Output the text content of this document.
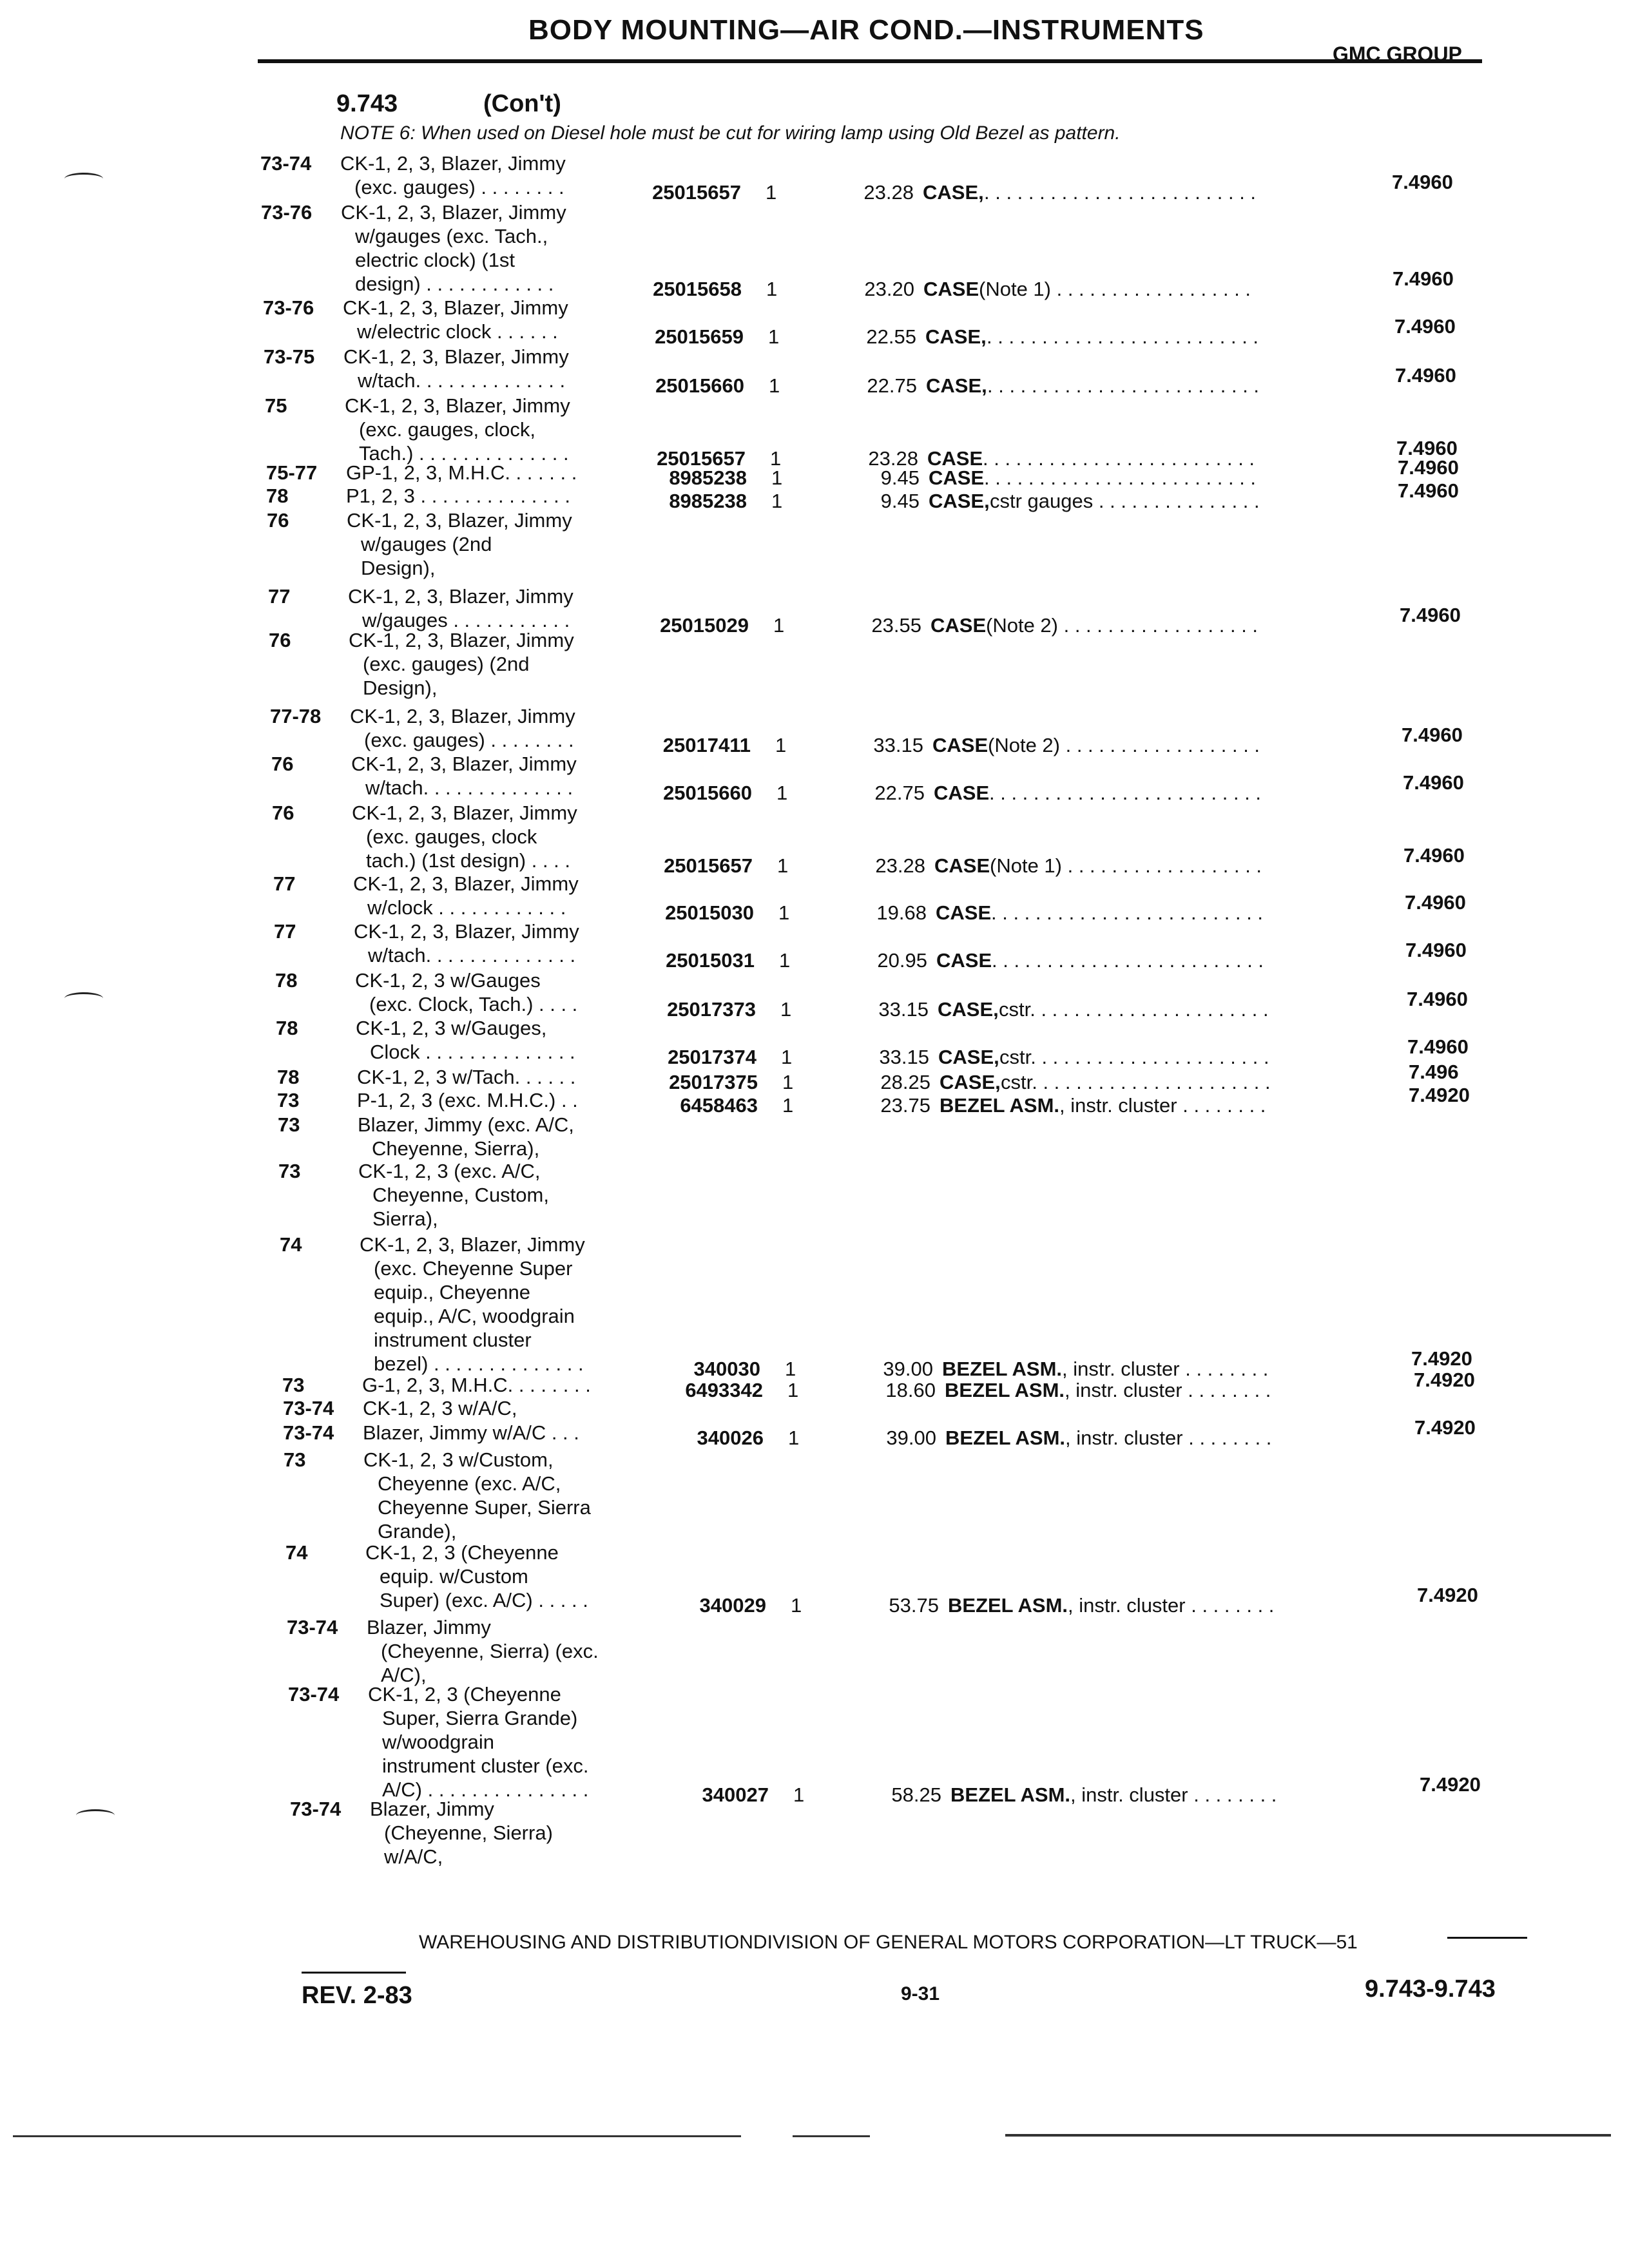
BODY MOUNTING—AIR COND.—INSTRUMENTS
GMC GROUP
9.743	(Con't)
NOTE 6: When used on Diesel hole must be cut for wiring lamp using Old Bezel as pattern.
73-74 CK-1, 2, 3, Blazer, Jimmy
(exc. gauges) . . . . . . . .	25015657 1	23.28 CASE, . . . . . . . . . . . . . . . . . . . . . . . . .	7.4960
73-76 CK-1, 2, 3, Blazer, Jimmy
w/gauges (exc. Tach.,
electric clock) (1st
design) . . . . . . . . . . . .	25015658 1	23.20 CASE (Note 1) . . . . . . . . . . . . . . . . . .	7.4960
73-76 CK-1, 2, 3, Blazer, Jimmy
w/electric clock . . . . . .	25015659 1	22.55 CASE, . . . . . . . . . . . . . . . . . . . . . . . . .	7.4960
73-75 CK-1, 2, 3, Blazer, Jimmy
w/tach. . . . . . . . . . . . . .	25015660 1	22.75 CASE, . . . . . . . . . . . . . . . . . . . . . . . . .	7.4960
75	CK-1, 2, 3, Blazer, Jimmy
(exc. gauges, clock,
Tach.) . . . . . . . . . . . . . .	25015657 1	23.28 CASE . . . . . . . . . . . . . . . . . . . . . . . . .	7.4960
75-77 GP-1, 2, 3, M.H.C. . . . . . .	8985238 1	9.45 CASE . . . . . . . . . . . . . . . . . . . . . . . . .	7.4960
78	P1, 2, 3 . . . . . . . . . . . . . .	8985238 1	9.45 CASE, cstr gauges . . . . . . . . . . . . . . .	7.4960
76	CK-1, 2, 3, Blazer, Jimmy
w/gauges (2nd
Design),
77	CK-1, 2, 3, Blazer, Jimmy
w/gauges . . . . . . . . . . .	25015029 1	23.55 CASE (Note 2) . . . . . . . . . . . . . . . . . .	7.4960
76	CK-1, 2, 3, Blazer, Jimmy
(exc. gauges) (2nd
Design),
77-78 CK-1, 2, 3, Blazer, Jimmy
(exc. gauges) . . . . . . . .	25017411 1	33.15 CASE (Note 2) . . . . . . . . . . . . . . . . . .	7.4960
76	CK-1, 2, 3, Blazer, Jimmy
w/tach. . . . . . . . . . . . . .	25015660 1	22.75 CASE . . . . . . . . . . . . . . . . . . . . . . . . .	7.4960
76	CK-1, 2, 3, Blazer, Jimmy
(exc. gauges, clock
tach.) (1st design) . . . .	25015657 1	23.28 CASE (Note 1) . . . . . . . . . . . . . . . . . .	7.4960
77	CK-1, 2, 3, Blazer, Jimmy
w/clock . . . . . . . . . . . .	25015030 1	19.68 CASE . . . . . . . . . . . . . . . . . . . . . . . . .	7.4960
77	CK-1, 2, 3, Blazer, Jimmy
w/tach. . . . . . . . . . . . . .	25015031 1	20.95 CASE . . . . . . . . . . . . . . . . . . . . . . . . .	7.4960
78	CK-1, 2, 3 w/Gauges
(exc. Clock, Tach.) . . . .	25017373 1	33.15 CASE, cstr. . . . . . . . . . . . . . . . . . . . . .	7.4960
78	CK-1, 2, 3 w/Gauges,
Clock . . . . . . . . . . . . . .	25017374 1	33.15 CASE, cstr. . . . . . . . . . . . . . . . . . . . . .	7.4960
78	CK-1, 2, 3 w/Tach. . . . . .	25017375 1	28.25 CASE, cstr. . . . . . . . . . . . . . . . . . . . . .	7.496
73	P-1, 2, 3 (exc. M.H.C.) . .	6458463 1	23.75 BEZEL ASM. , instr. cluster . . . . . . . .	7.4920
73	Blazer, Jimmy (exc. A/C,
Cheyenne, Sierra),
73	CK-1, 2, 3 (exc. A/C,
Cheyenne, Custom,
Sierra),
74	CK-1, 2, 3, Blazer, Jimmy
(exc. Cheyenne Super
equip., Cheyenne
equip., A/C, woodgrain
instrument cluster
bezel) . . . . . . . . . . . . . .	340030 1	39.00 BEZEL ASM. , instr. cluster . . . . . . . .	7.4920
73	G-1, 2, 3, M.H.C. . . . . . . .	6493342 1	18.60 BEZEL ASM. , instr. cluster . . . . . . . .	7.4920
73-74 CK-1, 2, 3 w/A/C,
73-74 Blazer, Jimmy w/A/C . . .	340026 1	39.00 BEZEL ASM. , instr. cluster . . . . . . . .	7.4920
73	CK-1, 2, 3 w/Custom,
Cheyenne (exc. A/C,
Cheyenne Super, Sierra
Grande),
74	CK-1, 2, 3 (Cheyenne
equip. w/Custom
Super) (exc. A/C) . . . . .	340029 1	53.75 BEZEL ASM. , instr. cluster . . . . . . . .	7.4920
73-74 Blazer, Jimmy
(Cheyenne, Sierra) (exc.
A/C),
73-74 CK-1, 2, 3 (Cheyenne
Super, Sierra Grande)
w/woodgrain
instrument cluster (exc.
A/C) . . . . . . . . . . . . . . .	340027 1	58.25 BEZEL ASM. , instr. cluster . . . . . . . .	7.4920
73-74 Blazer, Jimmy
(Cheyenne, Sierra)
w/A/C,
WAREHOUSING AND DISTRIBUTIONDIVISION OF GENERAL MOTORS CORPORATION—LT TRUCK—51
REV. 2-83	9-31	9.743-9.743
